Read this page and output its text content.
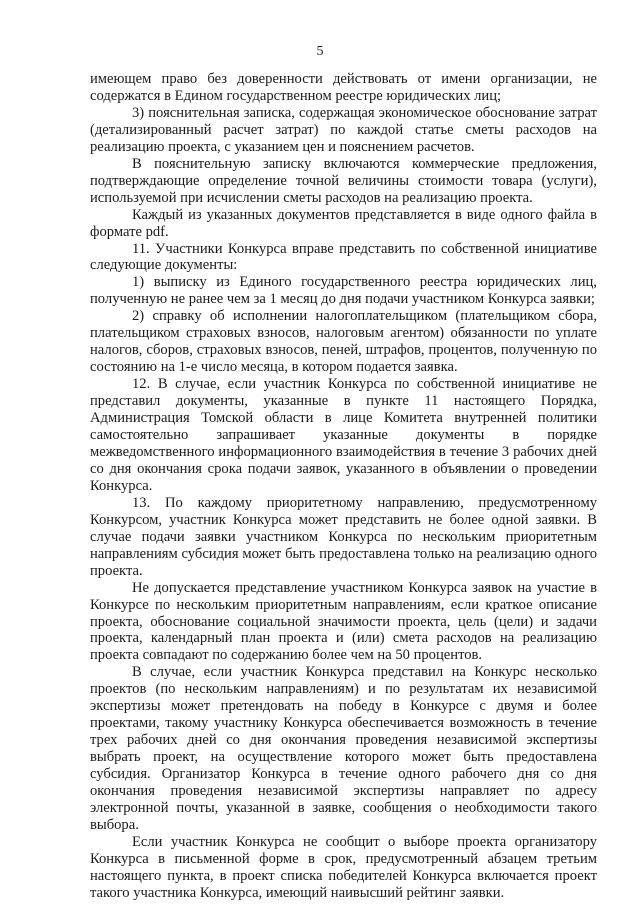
5

имеющем право без доверенности действовать от имени организации, не содержатся в Едином государственном реестре юридических лиц;

3) пояснительная записка, содержащая экономическое обоснование затрат (детализированный расчет затрат) по каждой статье сметы расходов на реализацию проекта, с указанием цен и пояснением расчетов.

В пояснительную записку включаются коммерческие предложения, подтверждающие определение точной величины стоимости товара (услуги), используемой при исчислении сметы расходов на реализацию проекта.

Каждый из указанных документов представляется в виде одного файла в формате pdf.

11. Участники Конкурса вправе представить по собственной инициативе следующие документы:

1) выписку из Единого государственного реестра юридических лиц, полученную не ранее чем за 1 месяц до дня подачи участником Конкурса заявки;

2) справку об исполнении налогоплательщиком (плательщиком сбора, плательщиком страховых взносов, налоговым агентом) обязанности по уплате налогов, сборов, страховых взносов, пеней, штрафов, процентов, полученную по состоянию на 1-е число месяца, в котором подается заявка.

12. В случае, если участник Конкурса по собственной инициативе не представил документы, указанные в пункте 11 настоящего Порядка, Администрация Томской области в лице Комитета внутренней политики самостоятельно запрашивает указанные документы в порядке межведомственного информационного взаимодействия в течение 3 рабочих дней со дня окончания срока подачи заявок, указанного в объявлении о проведении Конкурса.

13. По каждому приоритетному направлению, предусмотренному Конкурсом, участник Конкурса может представить не более одной заявки. В случае подачи заявки участником Конкурса по нескольким приоритетным направлениям субсидия может быть предоставлена только на реализацию одного проекта.

Не допускается представление участником Конкурса заявок на участие в Конкурсе по нескольким приоритетным направлениям, если краткое описание проекта, обоснование социальной значимости проекта, цель (цели) и задачи проекта, календарный план проекта и (или) смета расходов на реализацию проекта совпадают по содержанию более чем на 50 процентов.

В случае, если участник Конкурса представил на Конкурс несколько проектов (по нескольким направлениям) и по результатам их независимой экспертизы может претендовать на победу в Конкурсе с двумя и более проектами, такому участнику Конкурса обеспечивается возможность в течение трех рабочих дней со дня окончания проведения независимой экспертизы выбрать проект, на осуществление которого может быть предоставлена субсидия. Организатор Конкурса в течение одного рабочего дня со дня окончания проведения независимой экспертизы направляет по адресу электронной почты, указанной в заявке, сообщения о необходимости такого выбора.

Если участник Конкурса не сообщит о выборе проекта организатору Конкурса в письменной форме в срок, предусмотренный абзацем третьим настоящего пункта, в проект списка победителей Конкурса включается проект такого участника Конкурса, имеющий наивысший рейтинг заявки.
